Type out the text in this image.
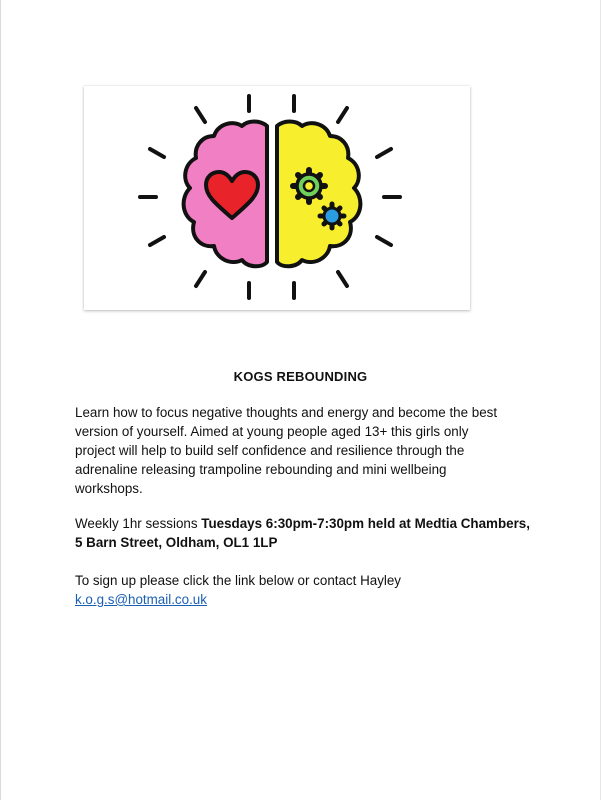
KOGS REBOUNDING

Learn how to focus negative thoughts and energy and become the best
version of yourself. Aimed at young people aged 13+ this girls only
project will help to build self confidence and resilience through the
adrenaline releasing trampoline rebounding and mini wellbeing
workshops.

Weekly 1hr sessions Tuesdays 6:30pm-7:30pm held at Medtia Chambers,
5 Barn Street, Oldham, OL1 1LP

To sign up please click the link below or contact Hayley
k.o.g.s@hotmail.co.uk
